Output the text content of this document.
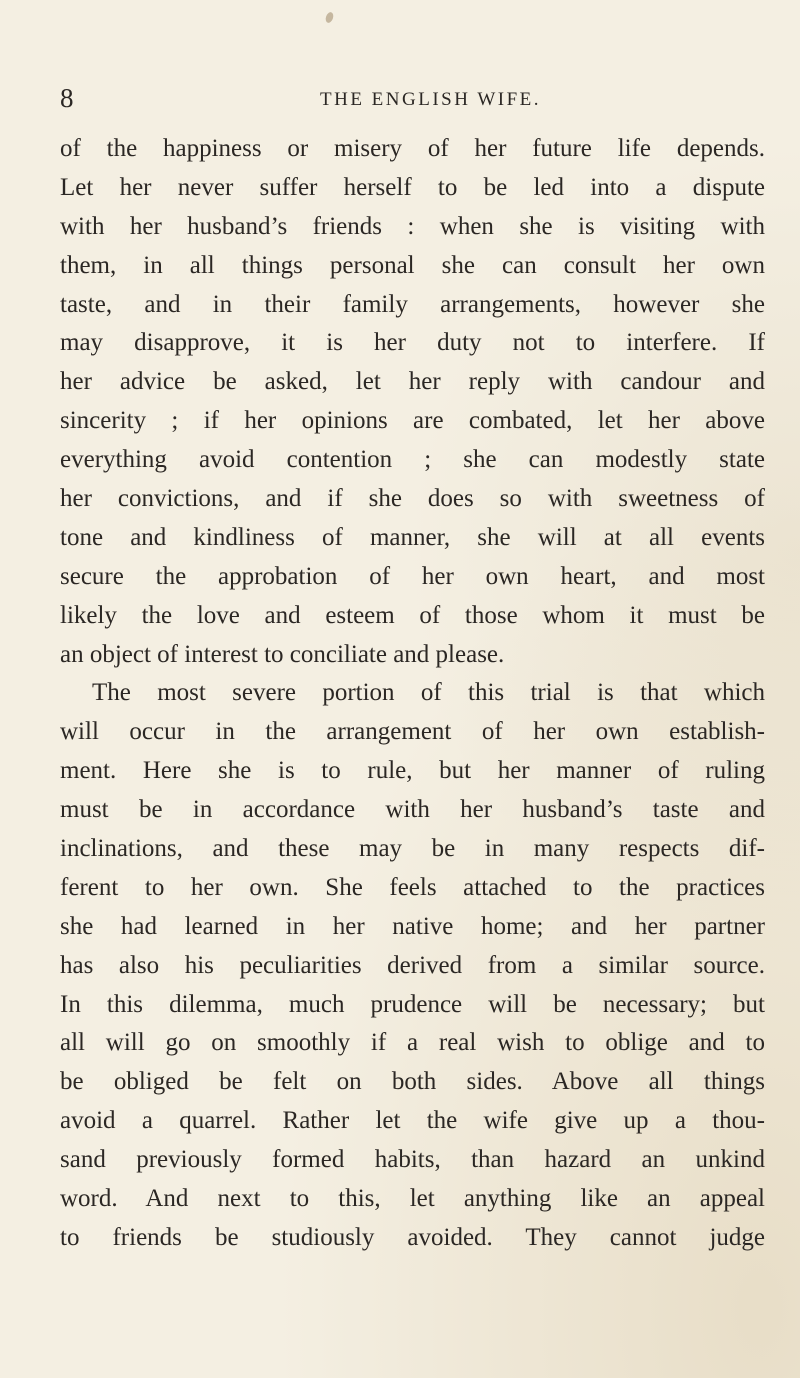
8	THE ENGLISH WIFE.
of the happiness or misery of her future life depends.
Let her never suffer herself to be led into a dispute
with her husband’s friends : when she is visiting with
them, in all things personal she can consult her own
taste, and in their family arrangements, however she
may disapprove, it is her duty not to interfere. If
her advice be asked, let her reply with candour and
sincerity ; if her opinions are combated, let her above
everything avoid contention ; she can modestly state
her convictions, and if she does so with sweetness of
tone and kindliness of manner, she will at all events
secure the approbation of her own heart, and most
likely the love and esteem of those whom it must be
an object of interest to conciliate and please.
The most severe portion of this trial is that which
will occur in the arrangement of her own establish-
ment. Here she is to rule, but her manner of ruling
must be in accordance with her husband’s taste and
inclinations, and these may be in many respects dif-
ferent to her own. She feels attached to the practices
she had learned in her native home; and her partner
has also his peculiarities derived from a similar source.
In this dilemma, much prudence will be necessary; but
all will go on smoothly if a real wish to oblige and to
be obliged be felt on both sides. Above all things
avoid a quarrel. Rather let the wife give up a thou-
sand previously formed habits, than hazard an unkind
word. And next to this, let anything like an appeal
to friends be studiously avoided. They cannot judge
